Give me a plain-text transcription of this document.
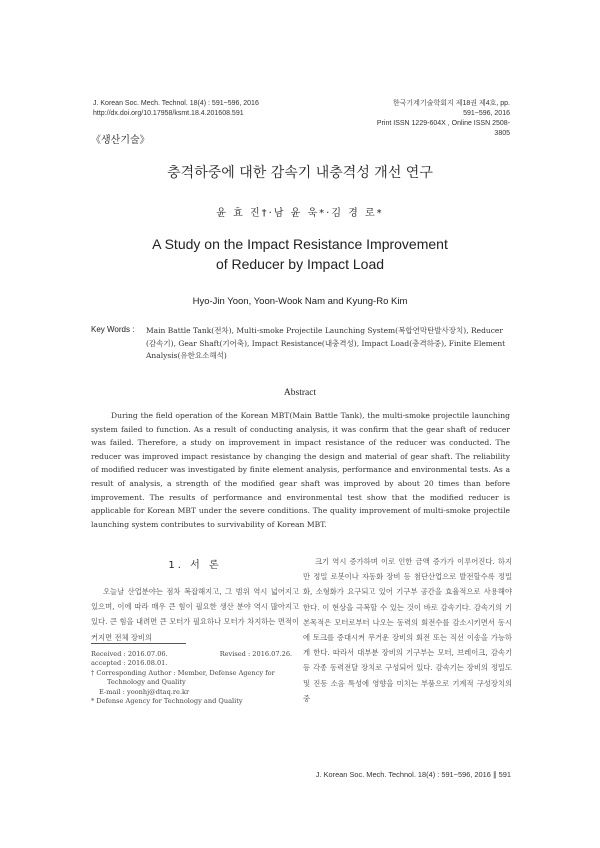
J. Korean Soc. Mech. Technol. 18(4) : 591~596, 2016
http://dx.doi.org/10.17958/ksmt.18.4.201608.591
한국기계기술학회지 제18권 제4호, pp. 591~596, 2016
Print ISSN 1229-604X , Online ISSN 2508-3805
《생산기술》
충격하중에 대한 감속기 내충격성 개선 연구
윤 효 진†·남 윤 욱*·김 경 로*
A Study on the Impact Resistance Improvement
of Reducer by Impact Load
Hyo-Jin Yoon, Yoon-Wook Nam and Kyung-Ro Kim
Key Words : Main Battle Tank(전차), Multi-smoke Projectile Launching System(복합연막탄발사장치), Reducer (감속기), Gear Shaft(기어축), Impact Resistance(내충격성), Impact Load(충격하중), Finite Element Analysis(유한요소해석)
Abstract
During the field operation of the Korean MBT(Main Battle Tank), the multi-smoke projectile launching system failed to function. As a result of conducting analysis, it was confirm that the gear shaft of reducer was failed. Therefore, a study on improvement in impact resistance of the reducer was conducted. The reducer was improved impact resistance by changing the design and material of gear shaft. The reliability of modified reducer was investigated by finite element analysis, performance and environmental tests. As a result of analysis, a strength of the modified gear shaft was improved by about 20 times than before improvement. The results of performance and environmental test show that the modified reducer is applicable for Korean MBT under the severe conditions. The quality improvement of multi-smoke projectile launching system contributes to survivability of Korean MBT.
1. 서 론
오늘날 산업분야는 점차 복잡해지고, 그 범위 역시 넓어지고 있으며, 이에 따라 매우 큰 힘이 필요한 생산 분야 역시 많아지고 있다. 큰 힘을 내려면 큰 모터가 필요하나 모터가 차지하는 면적이 커지면 전체 장비의
크기 역시 증가하며 이로 인한 금액 증가가 이루어진다. 하지만 정밀 로봇이나 자동화 장비 등 첨단산업으로 발전할수록 정밀화, 소형화가 요구되고 있어 기구부 공간을 효율적으로 사용해야 한다. 이 현상을 극복할 수 있는 것이 바로 감속기다. 감속기의 기본목적은 모터로부터 나오는 동력의 회전수를 감소시키면서 동시에 토크를 증대시켜 무거운 장비의 회전 또는 직선 이송을 가능하게 한다. 따라서 대부분 장비의 기구부는 모터, 브레이크, 감속기 등 각종 동력전달 장치로 구성되어 있다. 감속기는 장비의 정밀도 및 진동 소음 특성에 영향을 미치는 부품으로 기계적 구성장치의 중
Received : 2016.07.06.	Revised : 2016.07.26.
accepted : 2016.08.01.
† Corresponding Author : Member, Defense Agency for
Technology and Quality
E-mail : yoonhj@dtaq.re.kr
* Defense Agency for Technology and Quality
J. Korean Soc. Mech. Technol. 18(4) : 591~596, 2016 ∥ 591
